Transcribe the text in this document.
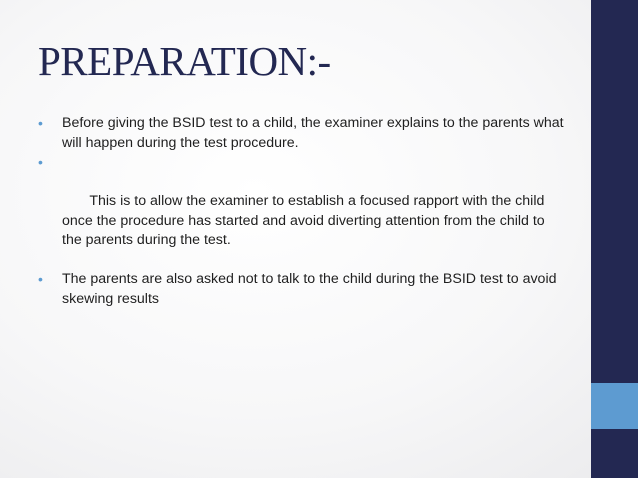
PREPARATION:-
• Before giving the BSID test to a child, the examiner explains to the parents what will happen during the test procedure.

•

This is to allow the examiner to establish a focused rapport with the child once the procedure has started and avoid diverting attention from the child to the parents during the test.

• The parents are also asked not to talk to the child during the BSID test to avoid skewing results
